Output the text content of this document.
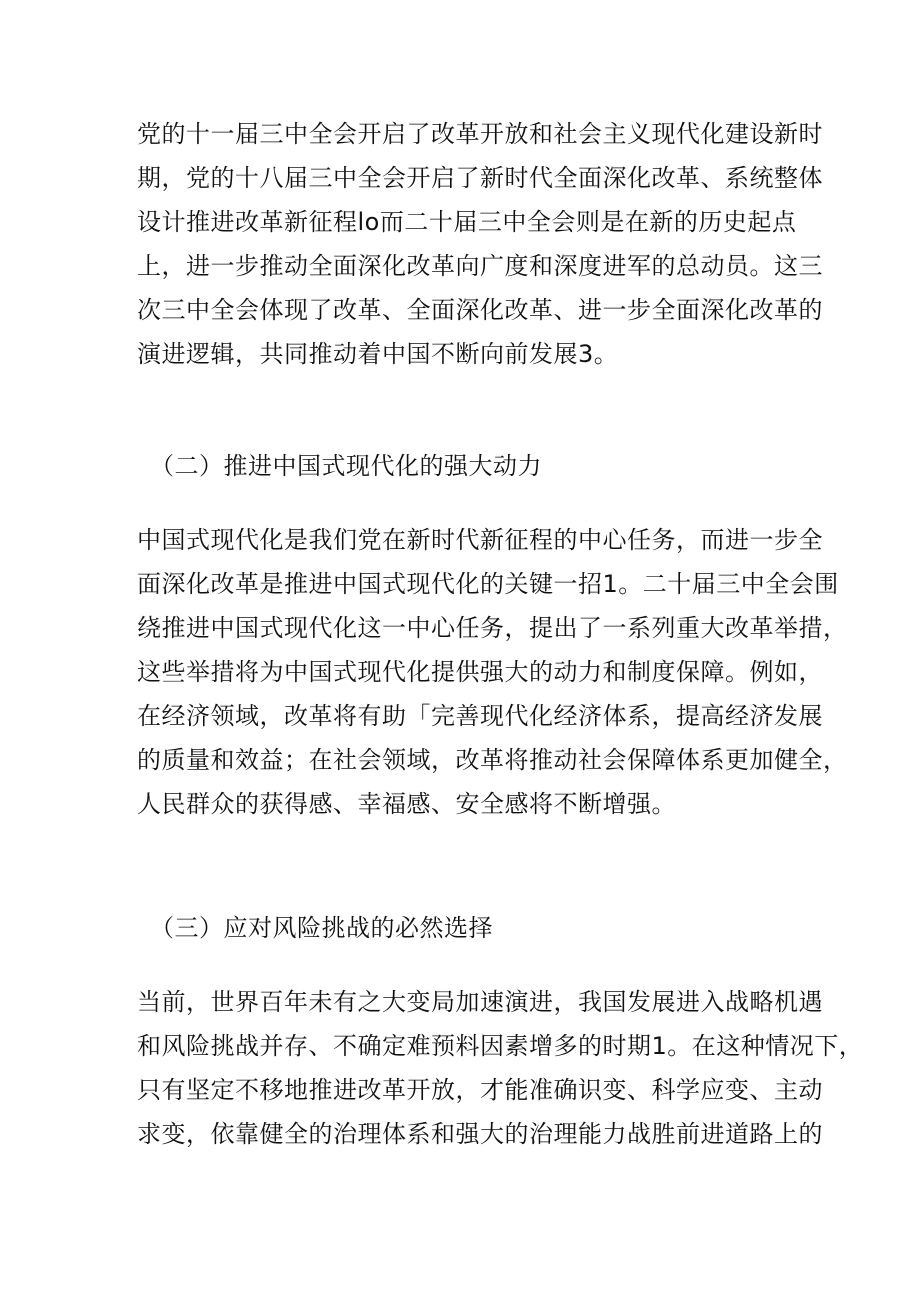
党的十一届三中全会开启了改革开放和社会主义现代化建设新时
期，党的十八届三中全会开启了新时代全面深化改革、系统整体
设计推进改革新征程lo而二十届三中全会则是在新的历史起点
上，进一步推动全面深化改革向广度和深度进军的总动员。这三
次三中全会体现了改革、全面深化改革、进一步全面深化改革的
演进逻辑，共同推动着中国不断向前发展3。
（二）推进中国式现代化的强大动力
中国式现代化是我们党在新时代新征程的中心任务，而进一步全
面深化改革是推进中国式现代化的关键一招1。二十届三中全会围
绕推进中国式现代化这一中心任务，提出了一系列重大改革举措，
这些举措将为中国式现代化提供强大的动力和制度保障。例如，
在经济领域，改革将有助「完善现代化经济体系，提高经济发展
的质量和效益；在社会领域，改革将推动社会保障体系更加健全，
人民群众的获得感、幸福感、安全感将不断增强。
（三）应对风险挑战的必然选择
当前，世界百年未有之大变局加速演进，我国发展进入战略机遇
和风险挑战并存、不确定难预料因素增多的时期1。在这种情况下，
只有坚定不移地推进改革开放，才能准确识变、科学应变、主动
求变，依靠健全的治理体系和强大的治理能力战胜前进道路上的
